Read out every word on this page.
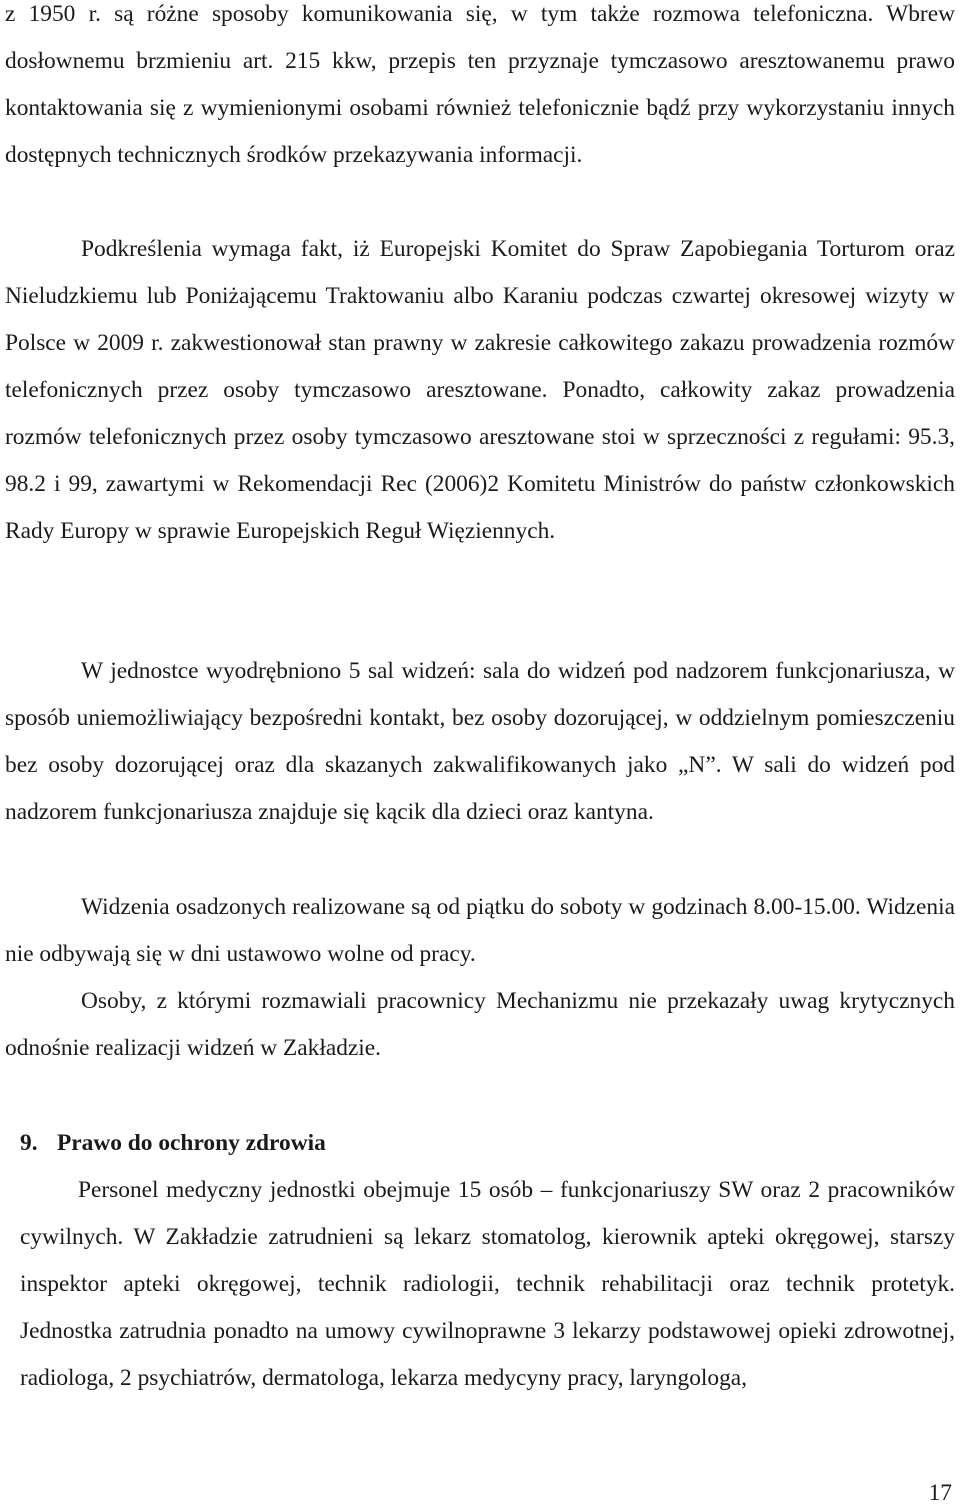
z 1950 r. są różne sposoby komunikowania się, w tym także rozmowa telefoniczna. Wbrew dosłownemu brzmieniu art. 215 kkw, przepis ten przyznaje tymczasowo aresztowanemu prawo kontaktowania się z wymienionymi osobami również telefonicznie bądź przy wykorzystaniu innych dostępnych technicznych środków przekazywania informacji.

Podkreślenia wymaga fakt, iż Europejski Komitet do Spraw Zapobiegania Torturom oraz Nieludzkiemu lub Poniżającemu Traktowaniu albo Karaniu podczas czwartej okresowej wizyty w Polsce w 2009 r. zakwestionował stan prawny w zakresie całkowitego zakazu prowadzenia rozmów telefonicznych przez osoby tymczasowo aresztowane. Ponadto, całkowity zakaz prowadzenia rozmów telefonicznych przez osoby tymczasowo aresztowane stoi w sprzeczności z regułami: 95.3, 98.2 i 99, zawartymi w Rekomendacji Rec (2006)2 Komitetu Ministrów do państw członkowskich Rady Europy w sprawie Europejskich Reguł Więziennych.

W jednostce wyodrębniono 5 sal widzeń: sala do widzeń pod nadzorem funkcjonariusza, w sposób uniemożliwiający bezpośredni kontakt, bez osoby dozorującej, w oddzielnym pomieszczeniu bez osoby dozorującej oraz dla skazanych zakwalifikowanych jako „N”. W sali do widzeń pod nadzorem funkcjonariusza znajduje się kącik dla dzieci oraz kantyna.

Widzenia osadzonych realizowane są od piątku do soboty w godzinach 8.00-15.00. Widzenia nie odbywają się w dni ustawowo wolne od pracy.

Osoby, z którymi rozmawiali pracownicy Mechanizmu nie przekazały uwag krytycznych odnośnie realizacji widzeń w Zakładzie.

9. Prawo do ochrony zdrowia

Personel medyczny jednostki obejmuje 15 osób – funkcjonariuszy SW oraz 2 pracowników cywilnych. W Zakładzie zatrudnieni są lekarz stomatolog, kierownik apteki okręgowej, starszy inspektor apteki okręgowej, technik radiologii, technik rehabilitacji oraz technik protetyk. Jednostka zatrudnia ponadto na umowy cywilnoprawne 3 lekarzy podstawowej opieki zdrowotnej, radiologa, 2 psychiatrów, dermatologa, lekarza medycyny pracy, laryngologa,

17
